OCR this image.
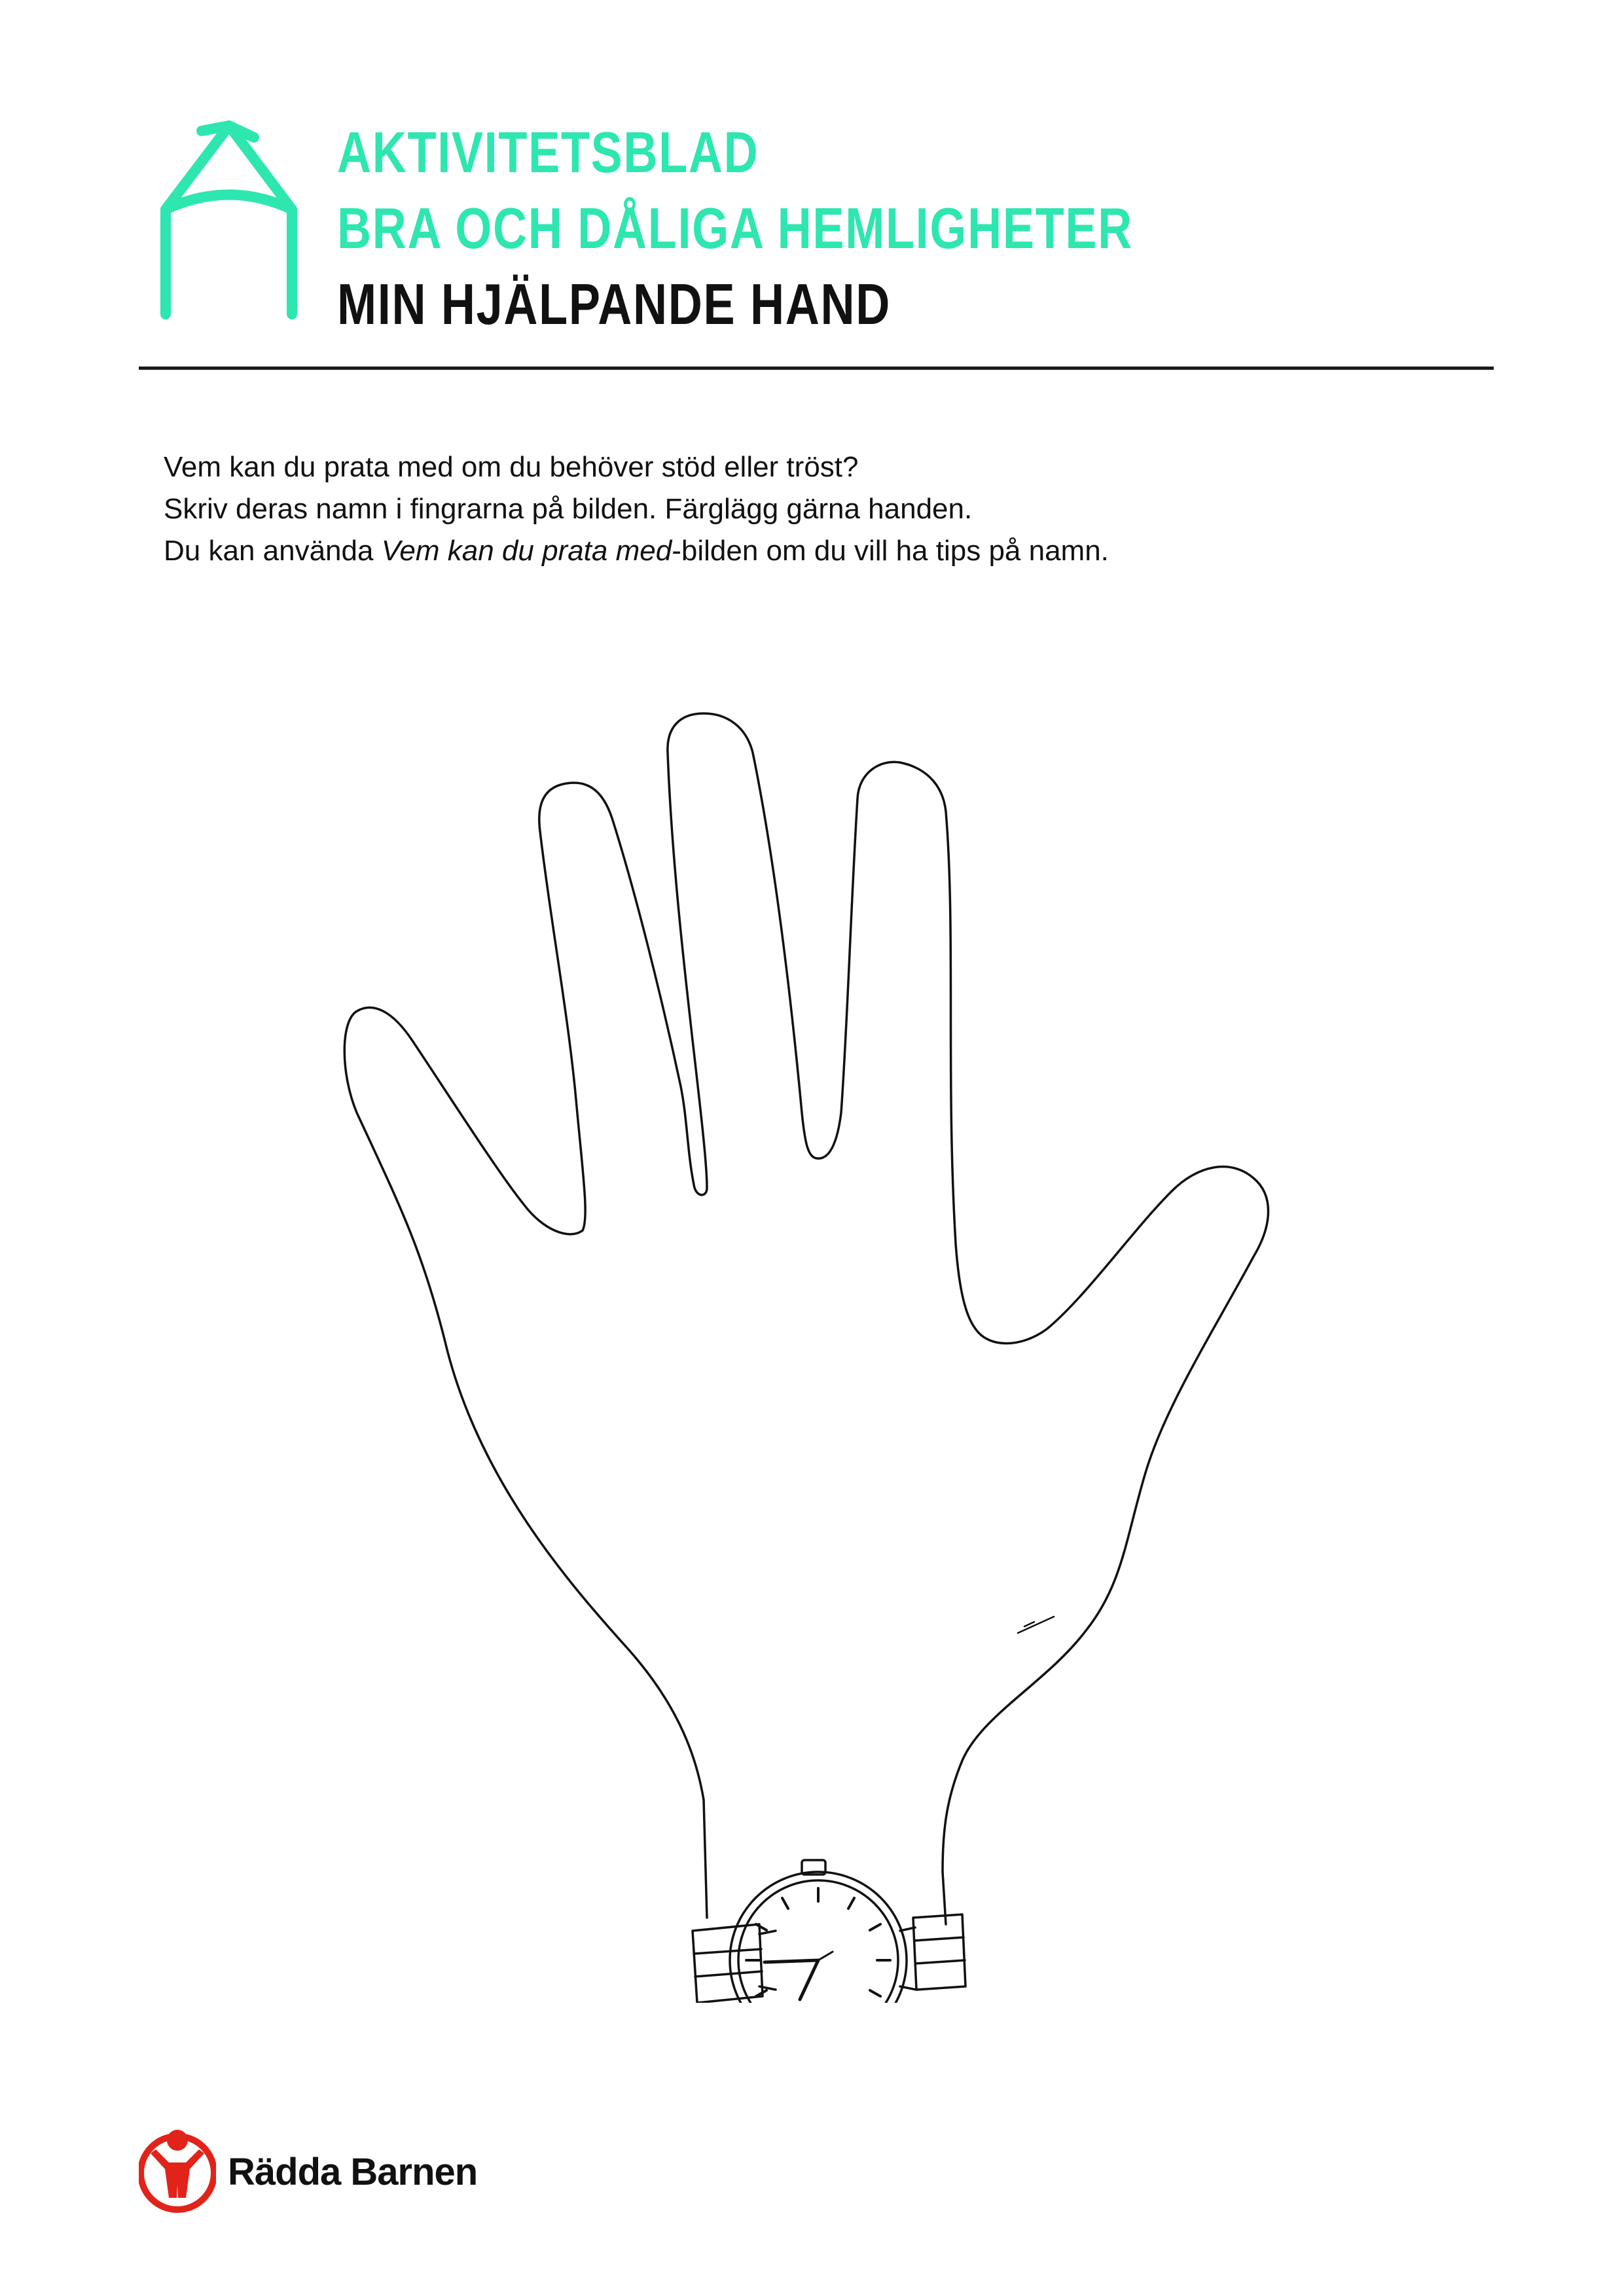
AKTIVITETSBLAD
BRA OCH DÅLIGA HEMLIGHETER
MIN HJÄLPANDE HAND

Vem kan du prata med om du behöver stöd eller tröst?

Skriv deras namn i fingrarna på bilden. Färglägg gärna handen.

Du kan använda Vem kan du prata med-bilden om du vill ha tips på namn.

Rädda Barnen
